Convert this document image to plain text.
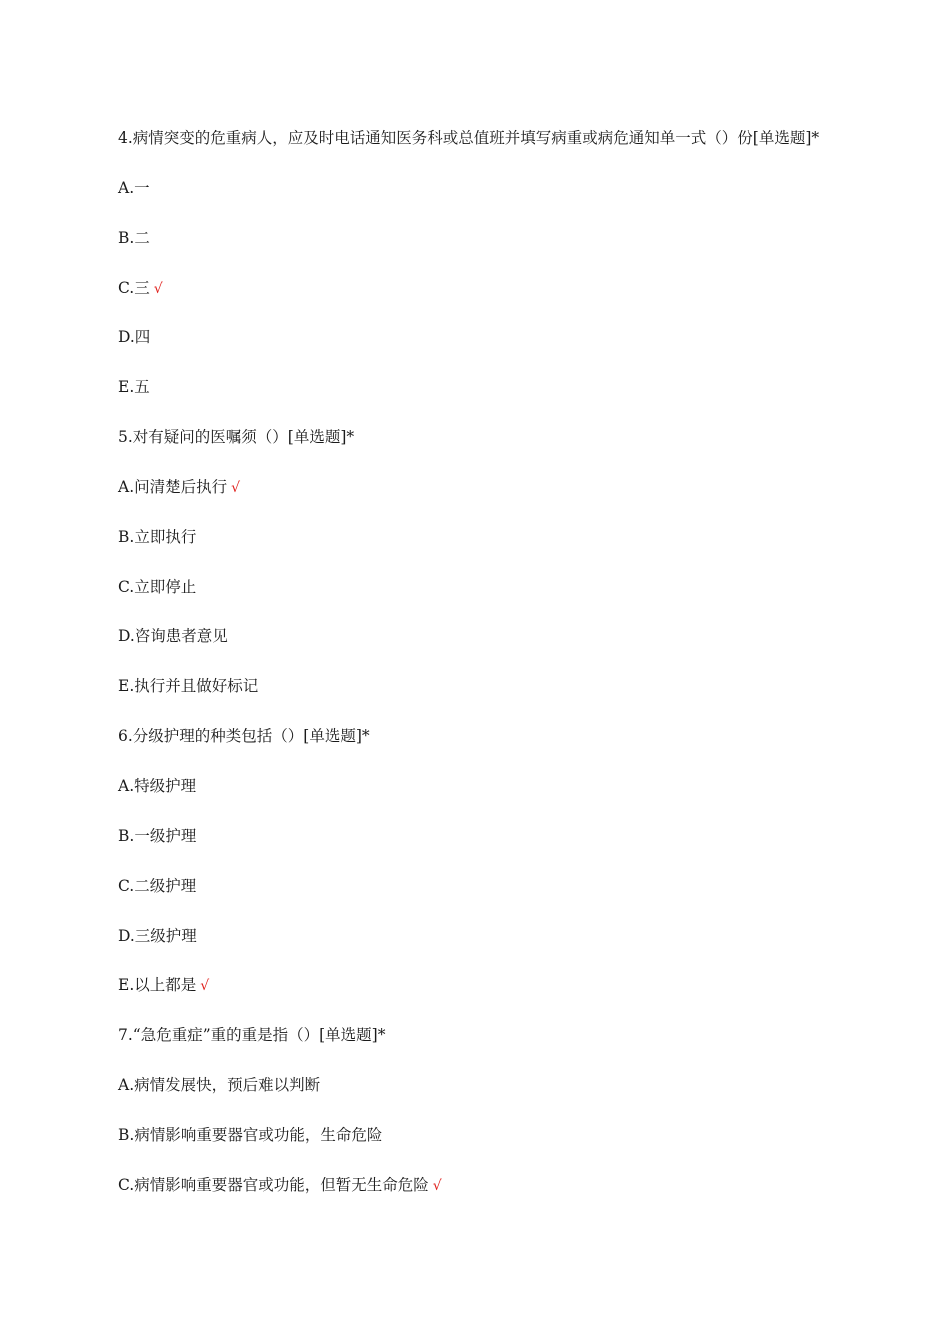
4.病情突变的危重病人，应及时电话通知医务科或总值班并填写病重或病危通知单一式（）份[单选题]*
A.一
B.二
C.三 √
D.四
E.五
5.对有疑问的医嘱须（）[单选题]*
A.问清楚后执行 √
B.立即执行
C.立即停止
D.咨询患者意见
E.执行并且做好标记
6.分级护理的种类包括（）[单选题]*
A.特级护理
B.一级护理
C.二级护理
D.三级护理
E.以上都是 √
7.“急危重症”重的重是指（）[单选题]*
A.病情发展快，预后难以判断
B.病情影响重要器官或功能，生命危险
C.病情影响重要器官或功能，但暂无生命危险 √
